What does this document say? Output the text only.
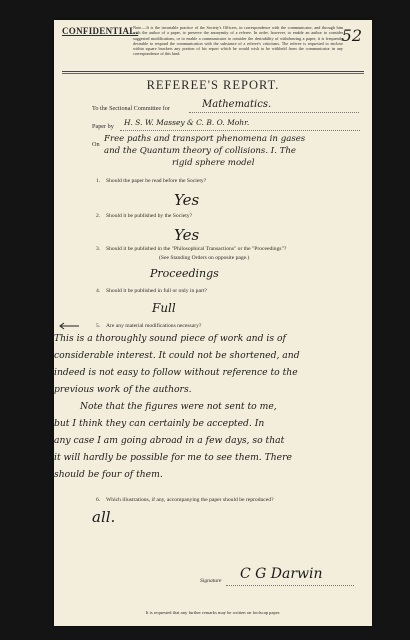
CONFIDENTIAL.
Note.—It is the invariable practice of the Society's Officers, in correspondence with the communicator, and through him with the author of a paper, to preserve the anonymity of a referee. In order, however, to enable an author to consider suggested modifications, or to enable a communicator to consider the desirability of withdrawing a paper, it is frequently desirable to respond the communication with the substance of a referee's criticisms. The referee is requested to enclose within square brackets any portion of his report which he would wish to be withheld from the communicator in any correspondence of this kind.
52
REFEREE'S REPORT.
To the Sectional Committee for	Mathematics.
Paper by H. S. W. Massey & C. B. O. Mohr.
On
Free paths and transport phenomena in gases
and the Quantum theory of collisions. I. The
rigid sphere model
1. Should the paper be read before the Society?
Yes
2. Should it be published by the Society?
Yes
3. Should it be published in the "Philosophical Transactions" or the "Proceedings"?
(See Standing Orders on opposite page.)
Proceedings
4. Should it be published in full or only in part?
Full
5. Are any material modifications necessary?
This is a thoroughly sound piece of work and is of
considerable interest. It could not be shortened, and
indeed is not easy to follow without reference to the
previous work of the authors.
Note that the figures were not sent to me,
but I think they can certainly be accepted. In
any case I am going abroad in a few days, so that
it will hardly be possible for me to see them. There
should be four of them.
6. Which illustrations, if any, accompanying the paper should be reproduced?
all.
Signature C G Darwin
It is requested that any further remarks may be written on foolscap paper.
